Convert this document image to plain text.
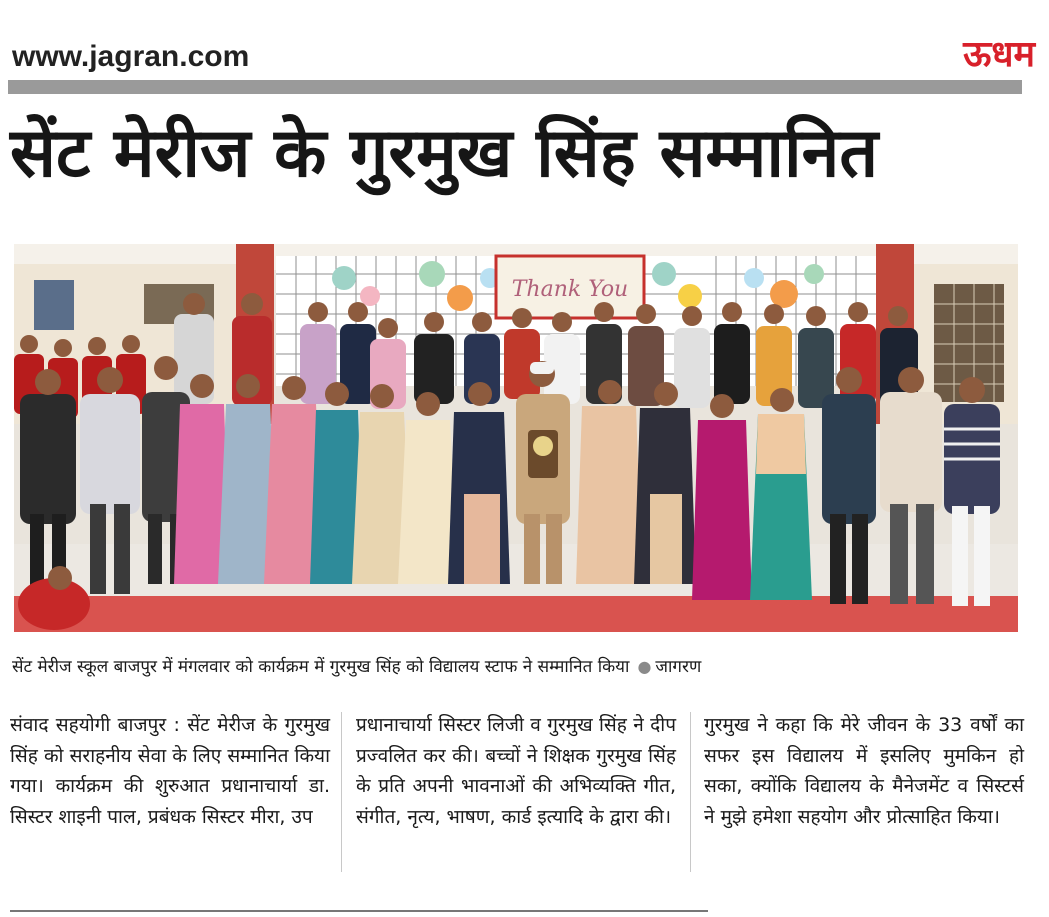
www.jagran.com	ऊधम
सेंट मेरीज के गुरमुख सिंह सम्मानित
Thank You
सेंट मेरीज स्कूल बाजपुर में मंगलवार को कार्यक्रम में गुरमुख सिंह को विद्यालय स्टाफ ने सम्मानित किया ● जागरण
संवाद सहयोगी बाजपुर : सेंट मेरीज के गुरमुख सिंह को सराहनीय सेवा के लिए सम्मानित किया गया। कार्यक्रम की शुरुआत प्रधानाचार्या डा. सिस्टर शाइनी पाल, प्रबंधक सिस्टर मीरा, उप
प्रधानाचार्या सिस्टर लिजी व गुरमुख सिंह ने दीप प्रज्वलित कर की। बच्चों ने शिक्षक गुरमुख सिंह के प्रति अपनी भावनाओं की अभिव्यक्ति गीत, संगीत, नृत्य, भाषण, कार्ड इत्यादि के द्वारा की।
गुरमुख ने कहा कि मेरे जीवन के 33 वर्षों का सफर इस विद्यालय में इसलिए मुमकिन हो सका, क्योंकि विद्यालय के मैनेजमेंट व सिस्टर्स ने मुझे हमेशा सहयोग और प्रोत्साहित किया।
